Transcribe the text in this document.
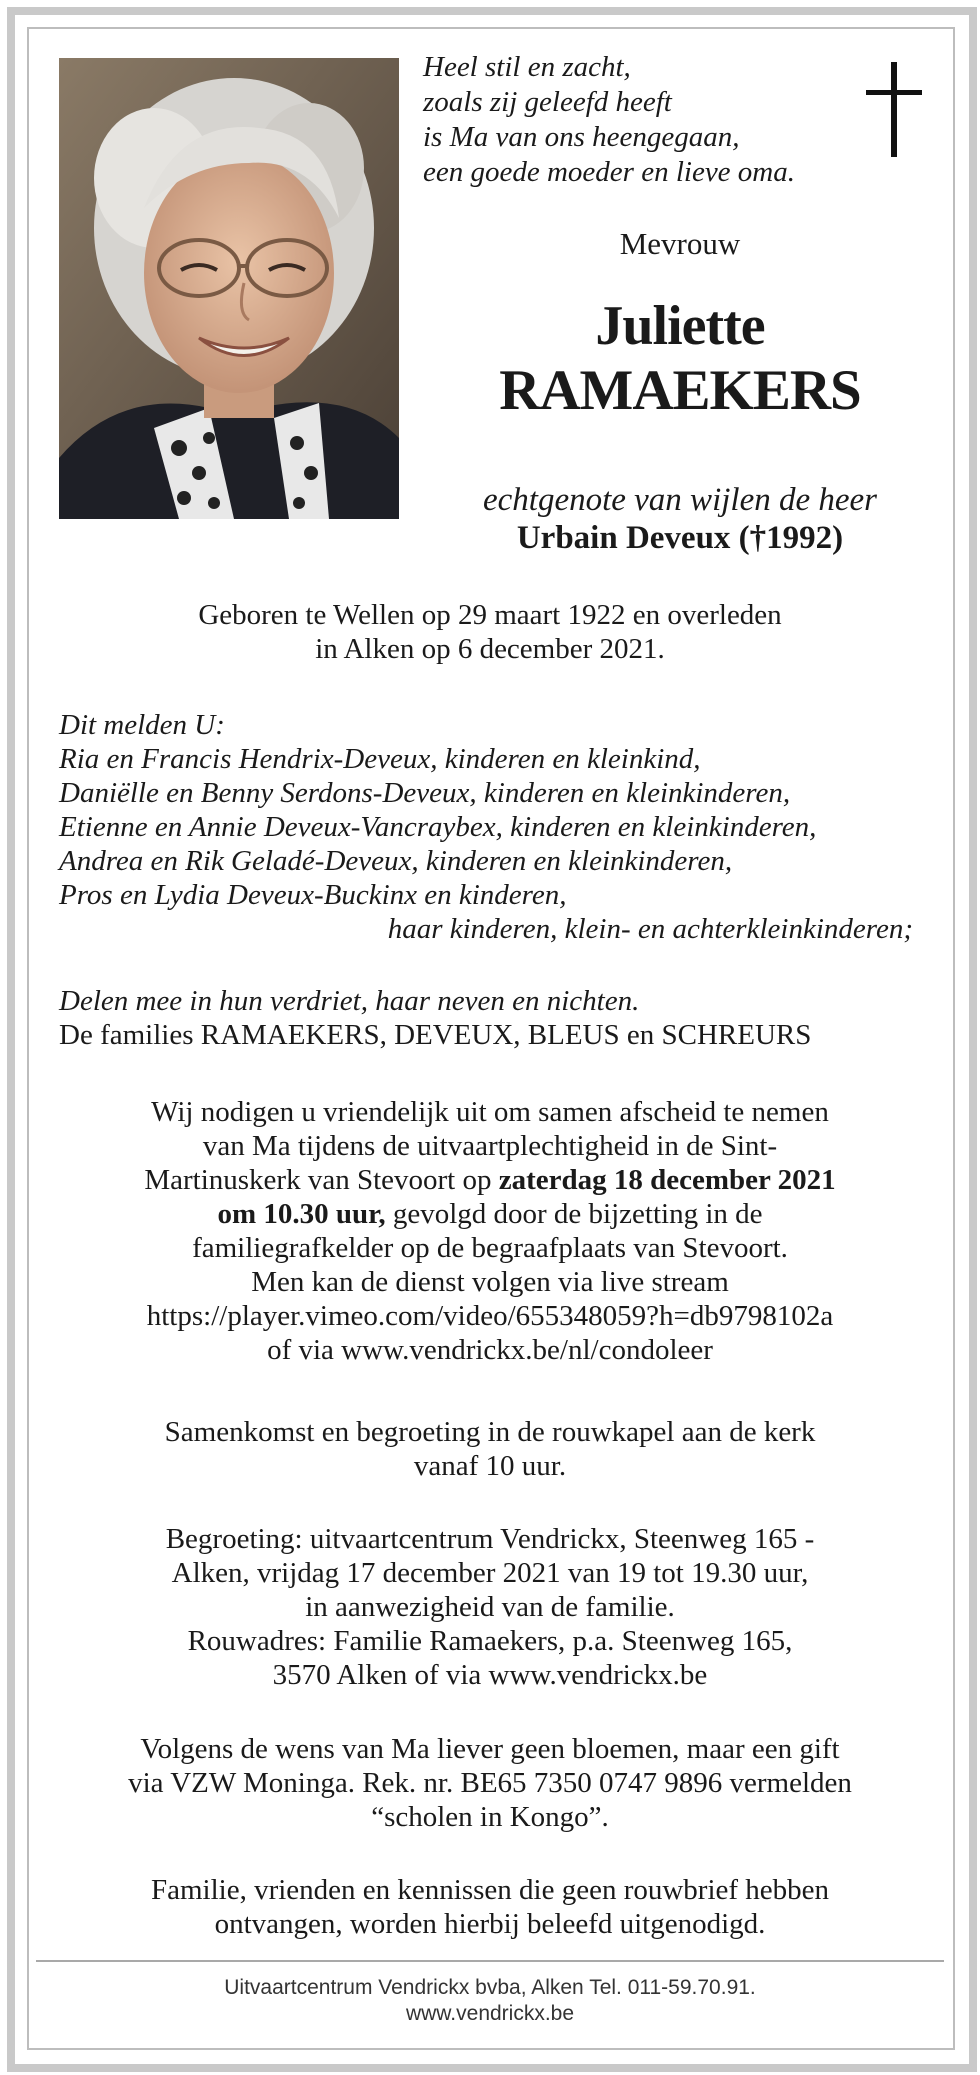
Heel stil en zacht,
zoals zij geleefd heeft
is Ma van ons heengegaan,
een goede moeder en lieve oma.
Mevrouw
Juliette
RAMAEKERS
echtgenote van wijlen de heer
Urbain Deveux (†1992)
Geboren te Wellen op 29 maart 1922 en overleden
in Alken op 6 december 2021.
Dit melden U:
Ria en Francis Hendrix-Deveux, kinderen en kleinkind,
Daniëlle en Benny Serdons-Deveux, kinderen en kleinkinderen,
Etienne en Annie Deveux-Vancraybex, kinderen en kleinkinderen,
Andrea en Rik Geladé-Deveux, kinderen en kleinkinderen,
Pros en Lydia Deveux-Buckinx en kinderen,
haar kinderen, klein- en achterkleinkinderen;
Delen mee in hun verdriet, haar neven en nichten.
De families RAMAEKERS, DEVEUX, BLEUS en SCHREURS
Wij nodigen u vriendelijk uit om samen afscheid te nemen
van Ma tijdens de uitvaartplechtigheid in de Sint-
Martinuskerk van Stevoort op zaterdag 18 december 2021
om 10.30 uur, gevolgd door de bijzetting in de
familiegrafkelder op de begraafplaats van Stevoort.
Men kan de dienst volgen via live stream
https://player.vimeo.com/video/655348059?h=db9798102a
of via www.vendrickx.be/nl/condoleer
Samenkomst en begroeting in de rouwkapel aan de kerk
vanaf 10 uur.
Begroeting: uitvaartcentrum Vendrickx, Steenweg 165 -
Alken, vrijdag 17 december 2021 van 19 tot 19.30 uur,
in aanwezigheid van de familie.
Rouwadres: Familie Ramaekers, p.a. Steenweg 165,
3570 Alken of via www.vendrickx.be
Volgens de wens van Ma liever geen bloemen, maar een gift
via VZW Moninga. Rek. nr. BE65 7350 0747 9896 vermelden
“scholen in Kongo”.
Familie, vrienden en kennissen die geen rouwbrief hebben
ontvangen, worden hierbij beleefd uitgenodigd.
Uitvaartcentrum Vendrickx bvba, Alken Tel. 011-59.70.91.
www.vendrickx.be
